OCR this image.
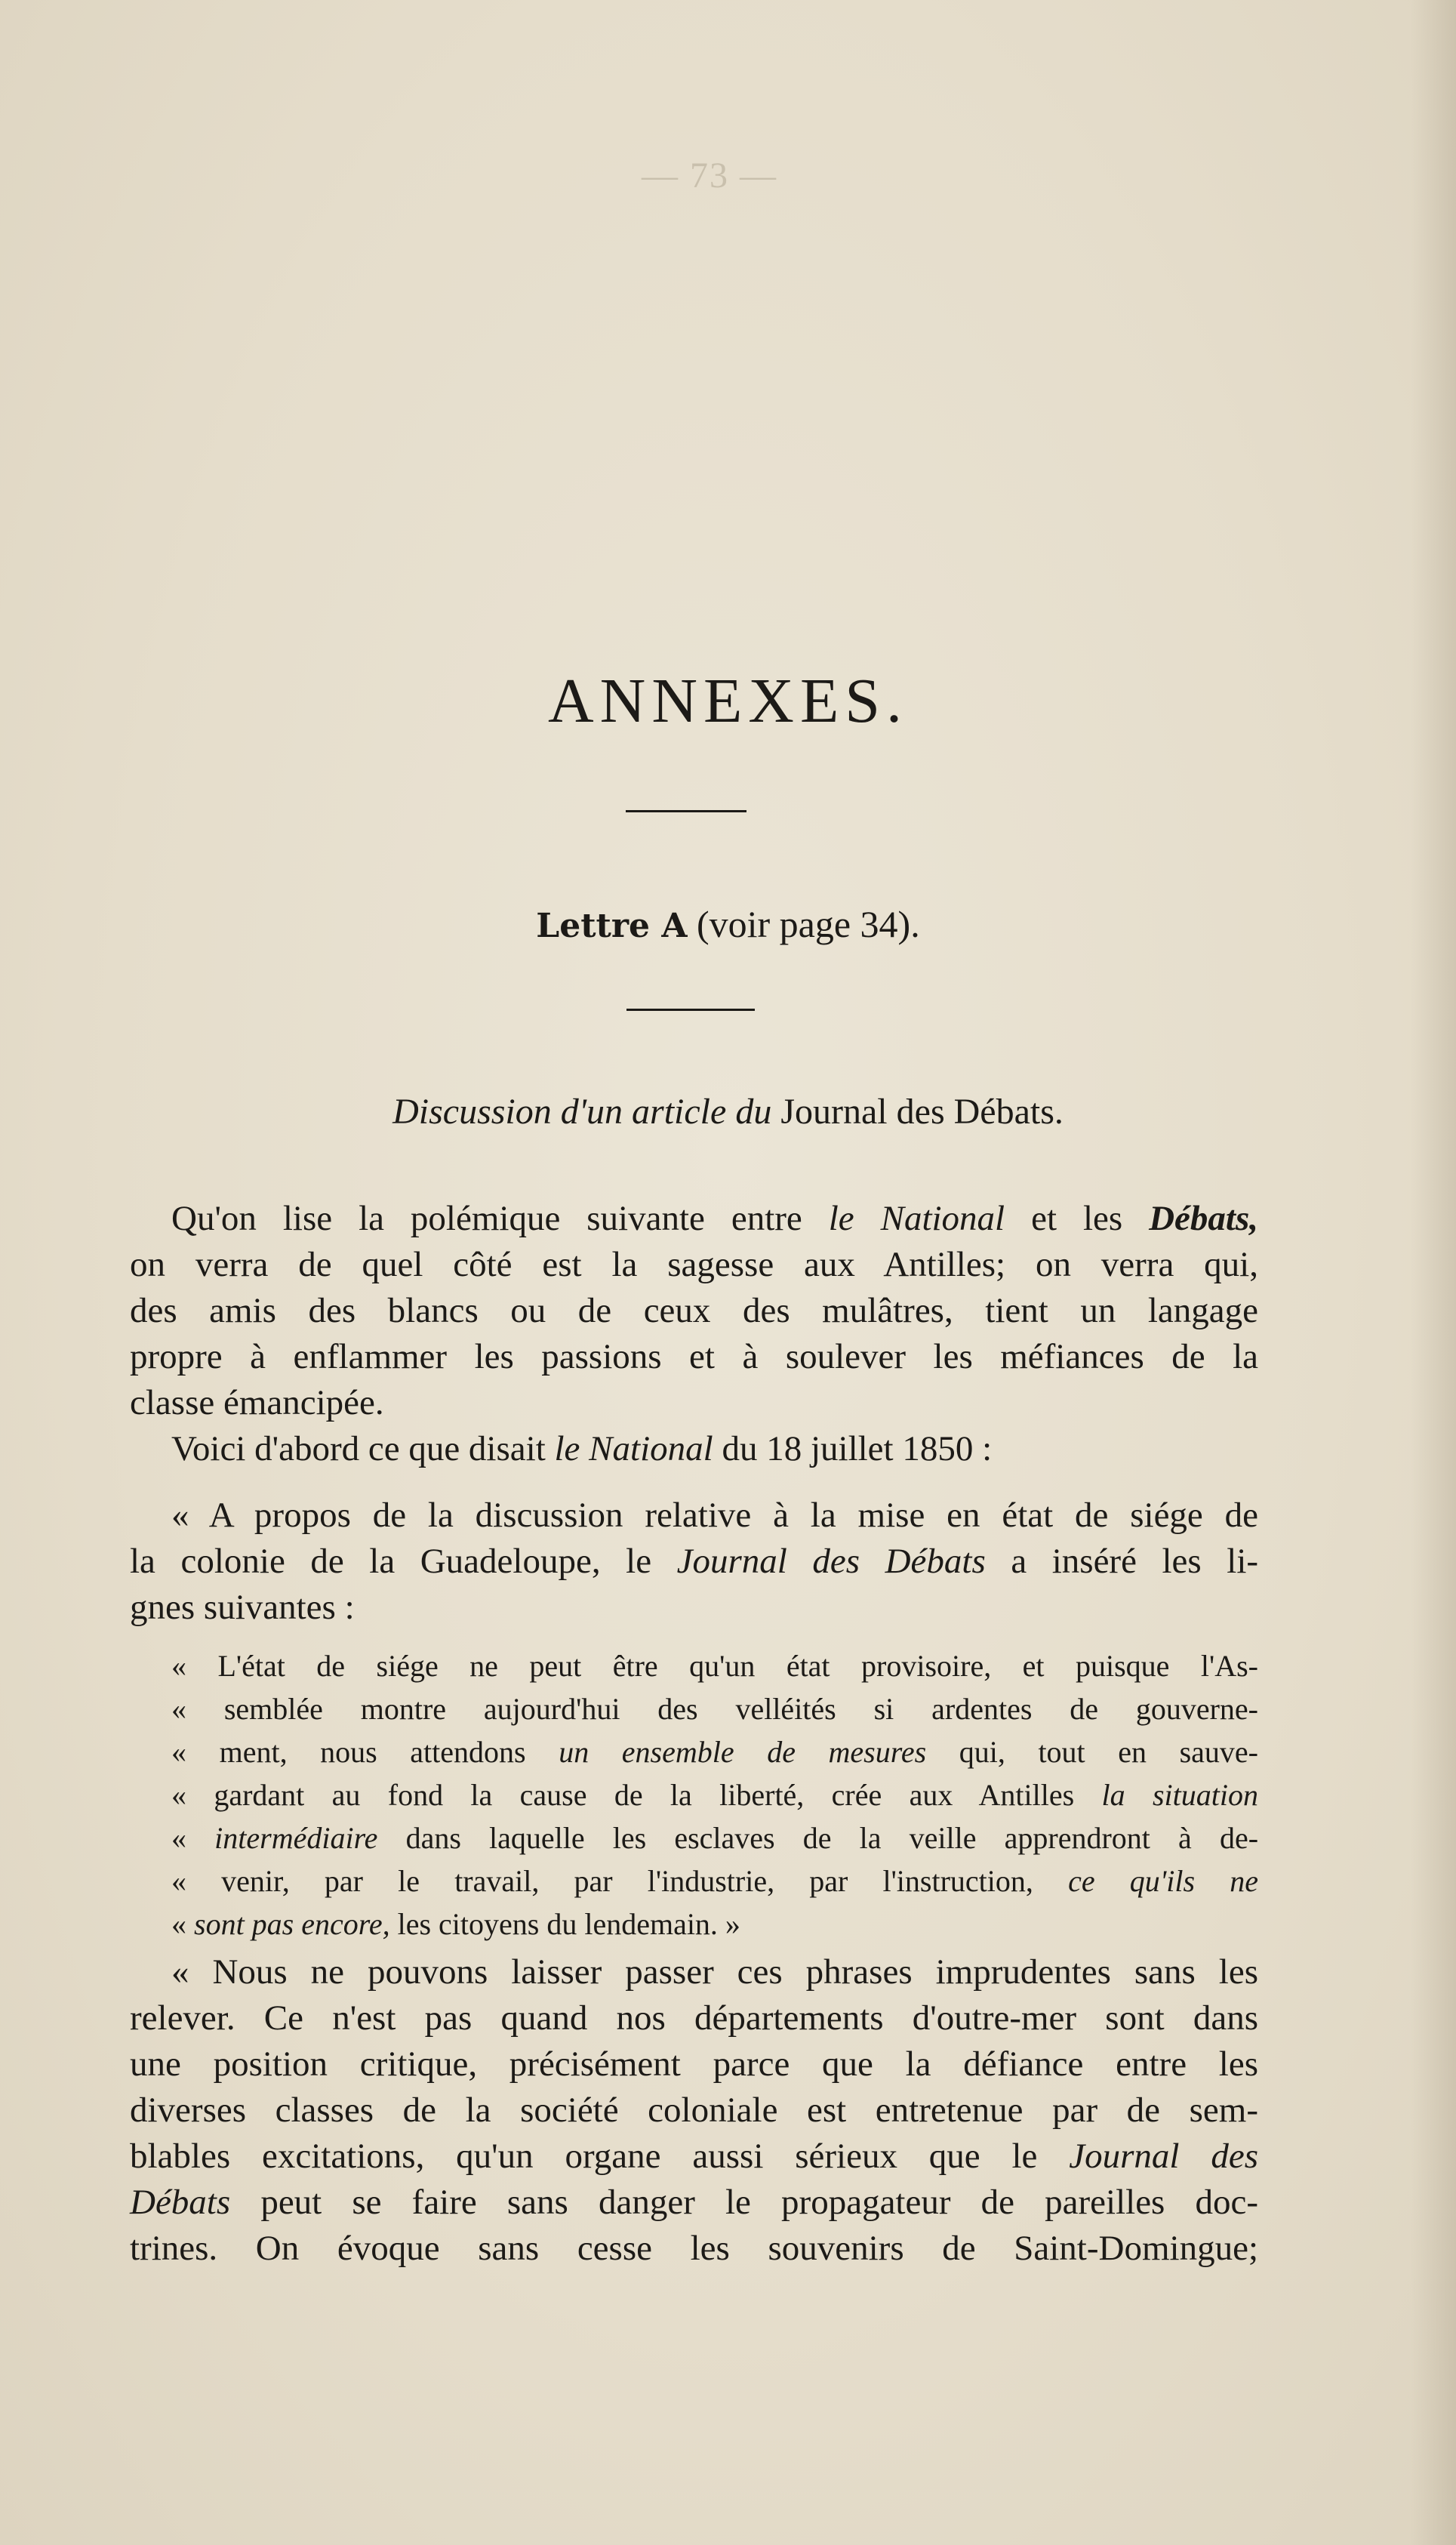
— 73 —
ANNEXES.
Lettre A (voir page 34).
Discussion d'un article du Journal des Débats.
Qu'on lise la polémique suivante entre le National et les Débats,
on verra de quel côté est la sagesse aux Antilles; on verra qui,
des amis des blancs ou de ceux des mulâtres, tient un langage
propre à enflammer les passions et à soulever les méfiances de la
classe émancipée.
Voici d'abord ce que disait le National du 18 juillet 1850 :
« A propos de la discussion relative à la mise en état de siége de
la colonie de la Guadeloupe, le Journal des Débats a inséré les li-
gnes suivantes :
« L'état de siége ne peut être qu'un état provisoire, et puisque l'As-
« semblée montre aujourd'hui des velléités si ardentes de gouverne-
« ment, nous attendons un ensemble de mesures qui, tout en sauve-
« gardant au fond la cause de la liberté, crée aux Antilles la situation
« intermédiaire dans laquelle les esclaves de la veille apprendront à de-
« venir, par le travail, par l'industrie, par l'instruction, ce qu'ils ne
« sont pas encore, les citoyens du lendemain. »
« Nous ne pouvons laisser passer ces phrases imprudentes sans les
relever. Ce n'est pas quand nos départements d'outre-mer sont dans
une position critique, précisément parce que la défiance entre les
diverses classes de la société coloniale est entretenue par de sem-
blables excitations, qu'un organe aussi sérieux que le Journal des
Débats peut se faire sans danger le propagateur de pareilles doc-
trines. On évoque sans cesse les souvenirs de Saint-Domingue;
